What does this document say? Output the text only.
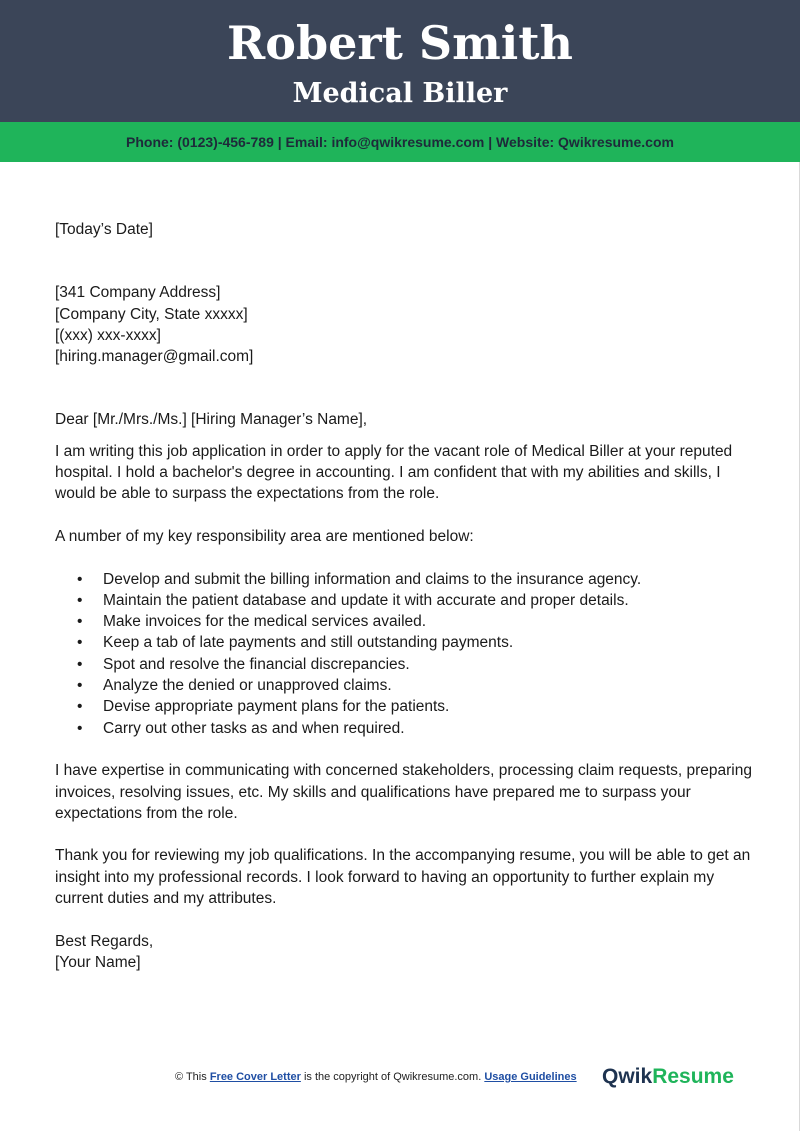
Robert Smith
Medical Biller
Phone: (0123)-456-789 | Email: info@qwikresume.com | Website: Qwikresume.com

[Today’s Date]

[341 Company Address]

[Company City, State xxxxx]

[(xxx) xxx-xxxx]

[hiring.manager@gmail.com]

Dear [Mr./Mrs./Ms.] [Hiring Manager’s Name],

I am writing this job application in order to apply for the vacant role of Medical Biller at your reputed hospital. I hold a bachelor's degree in accounting. I am confident that with my abilities and skills, I would be able to surpass the expectations from the role.

A number of my key responsibility area are mentioned below:

• Develop and submit the billing information and claims to the insurance agency.
• Maintain the patient database and update it with accurate and proper details.
• Make invoices for the medical services availed.
• Keep a tab of late payments and still outstanding payments.
• Spot and resolve the financial discrepancies.
• Analyze the denied or unapproved claims.
• Devise appropriate payment plans for the patients.
• Carry out other tasks as and when required.

I have expertise in communicating with concerned stakeholders, processing claim requests, preparing invoices, resolving issues, etc. My skills and qualifications have prepared me to surpass your expectations from the role.

Thank you for reviewing my job qualifications. In the accompanying resume, you will be able to get an insight into my professional records. I look forward to having an opportunity to further explain my current duties and my attributes.

Best Regards,

[Your Name]

© This Free Cover Letter is the copyright of Qwikresume.com. Usage Guidelines QwikResume
